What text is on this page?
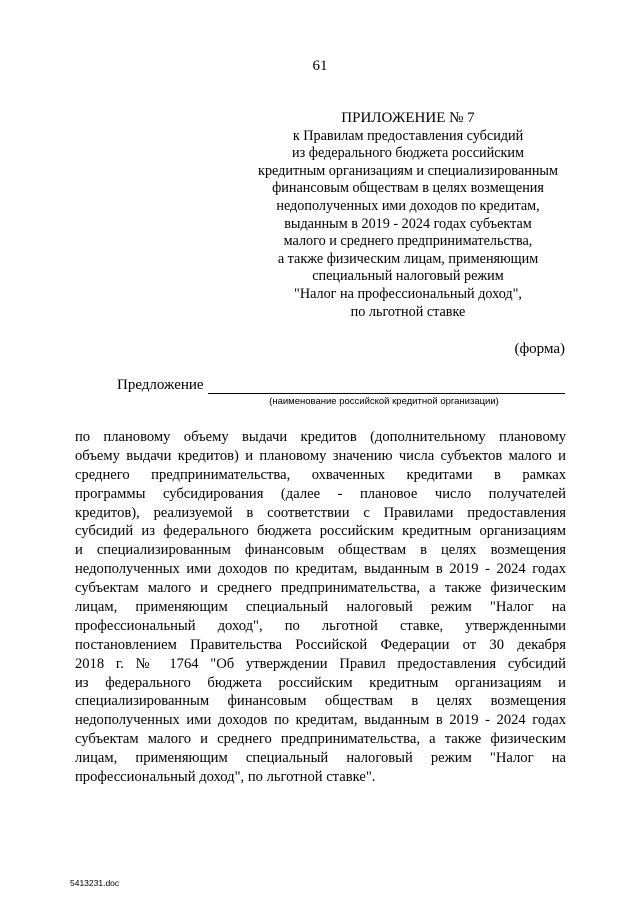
61
ПРИЛОЖЕНИЕ № 7
к Правилам предоставления субсидий
из федерального бюджета российским
кредитным организациям и специализированным
финансовым обществам в целях возмещения
недополученных ими доходов по кредитам,
выданным в 2019 - 2024 годах субъектам
малого и среднего предпринимательства,
а также физическим лицам, применяющим
специальный налоговый режим
"Налог на профессиональный доход",
по льготной ставке
(форма)
Предложение
(наименование российской кредитной организации)
по плановому объему выдачи кредитов (дополнительному плановому
объему выдачи кредитов) и плановому значению числа субъектов малого и
среднего предпринимательства, охваченных кредитами в рамках
программы субсидирования (далее - плановое число получателей
кредитов), реализуемой в соответствии с Правилами предоставления
субсидий из федерального бюджета российским кредитным организациям
и специализированным финансовым обществам в целях возмещения
недополученных ими доходов по кредитам, выданным в 2019 - 2024 годах
субъектам малого и среднего предпринимательства, а также физическим
лицам, применяющим специальный налоговый режим "Налог на
профессиональный доход", по льготной ставке, утвержденными
постановлением Правительства Российской Федерации от 30 декабря
2018 г. № 1764 "Об утверждении Правил предоставления субсидий
из федерального бюджета российским кредитным организациям и
специализированным финансовым обществам в целях возмещения
недополученных ими доходов по кредитам, выданным в 2019 - 2024 годах
субъектам малого и среднего предпринимательства, а также физическим
лицам, применяющим специальный налоговый режим "Налог на
профессиональный доход", по льготной ставке".
5413231.doc
